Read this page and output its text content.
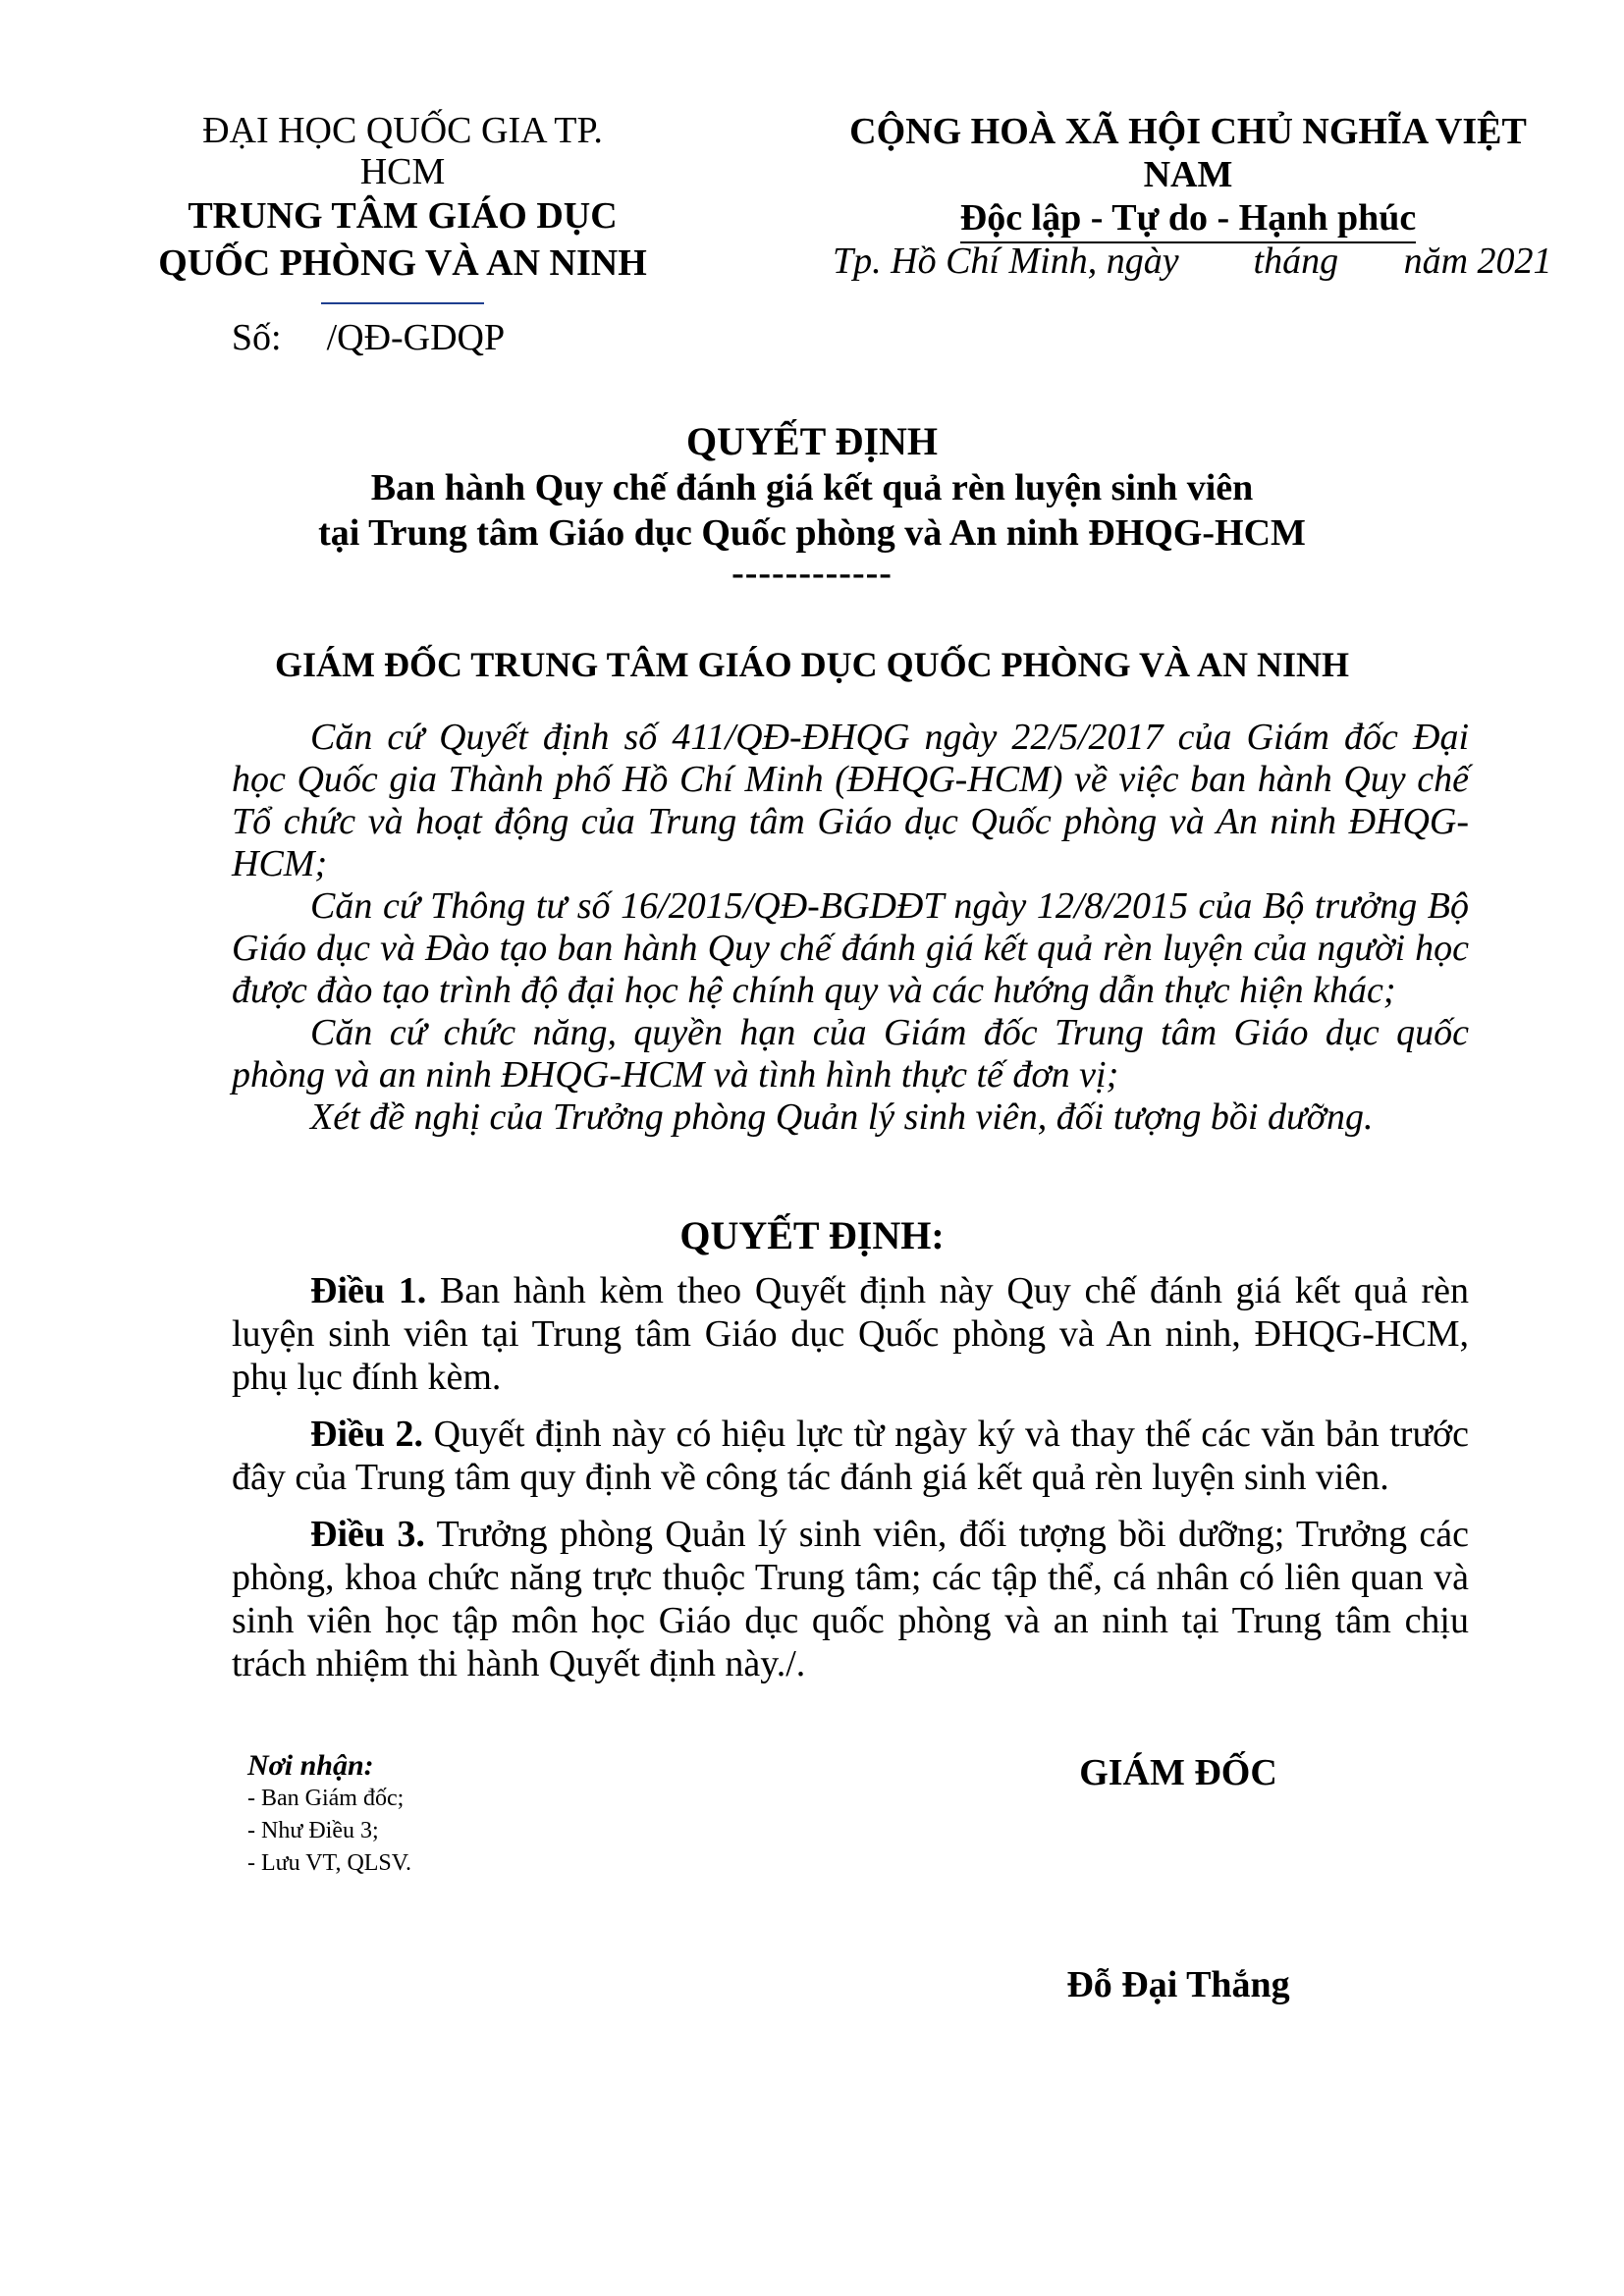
ĐẠI HỌC QUỐC GIA TP. HCM
TRUNG TÂM GIÁO DỤC
QUỐC PHÒNG VÀ AN NINH
Số: /QĐ-GDQP
CỘNG HOÀ XÃ HỘI CHỦ NGHĨA VIỆT NAM
Độc lập - Tự do - Hạnh phúc
Tp. Hồ Chí Minh, ngày        tháng       năm 2021
QUYẾT ĐỊNH
Ban hành Quy chế đánh giá kết quả rèn luyện sinh viên
tại Trung tâm Giáo dục Quốc phòng và An ninh ĐHQG-HCM
------------
GIÁM ĐỐC TRUNG TÂM GIÁO DỤC QUỐC PHÒNG VÀ AN NINH

Căn cứ Quyết định số 411/QĐ-ĐHQG ngày 22/5/2017 của Giám đốc Đại học Quốc gia Thành phố Hồ Chí Minh (ĐHQG-HCM) về việc ban hành Quy chế Tổ chức và hoạt động của Trung tâm Giáo dục Quốc phòng và An ninh ĐHQG-HCM;

Căn cứ Thông tư số 16/2015/QĐ-BGDĐT ngày 12/8/2015 của Bộ trưởng Bộ Giáo dục và Đào tạo ban hành Quy chế đánh giá kết quả rèn luyện của người học được đào tạo trình độ đại học hệ chính quy và các hướng dẫn thực hiện khác;

Căn cứ chức năng, quyền hạn của Giám đốc Trung tâm Giáo dục quốc phòng và an ninh ĐHQG-HCM và tình hình thực tế đơn vị;

Xét đề nghị của Trưởng phòng Quản lý sinh viên, đối tượng bồi dưỡng.

QUYẾT ĐỊNH:

Điều 1. Ban hành kèm theo Quyết định này Quy chế đánh giá kết quả rèn luyện sinh viên tại Trung tâm Giáo dục Quốc phòng và An ninh, ĐHQG-HCM, phụ lục đính kèm.

Điều 2. Quyết định này có hiệu lực từ ngày ký và thay thế các văn bản trước đây của Trung tâm quy định về công tác đánh giá kết quả rèn luyện sinh viên.

Điều 3. Trưởng phòng Quản lý sinh viên, đối tượng bồi dưỡng; Trưởng các phòng, khoa chức năng trực thuộc Trung tâm; các tập thể, cá nhân có liên quan và sinh viên học tập môn học Giáo dục quốc phòng và an ninh tại Trung tâm chịu trách nhiệm thi hành Quyết định này./.

Nơi nhận:
- Ban Giám đốc;
- Như Điều 3;
- Lưu VT, QLSV.
GIÁM ĐỐC
Đỗ Đại Thắng
